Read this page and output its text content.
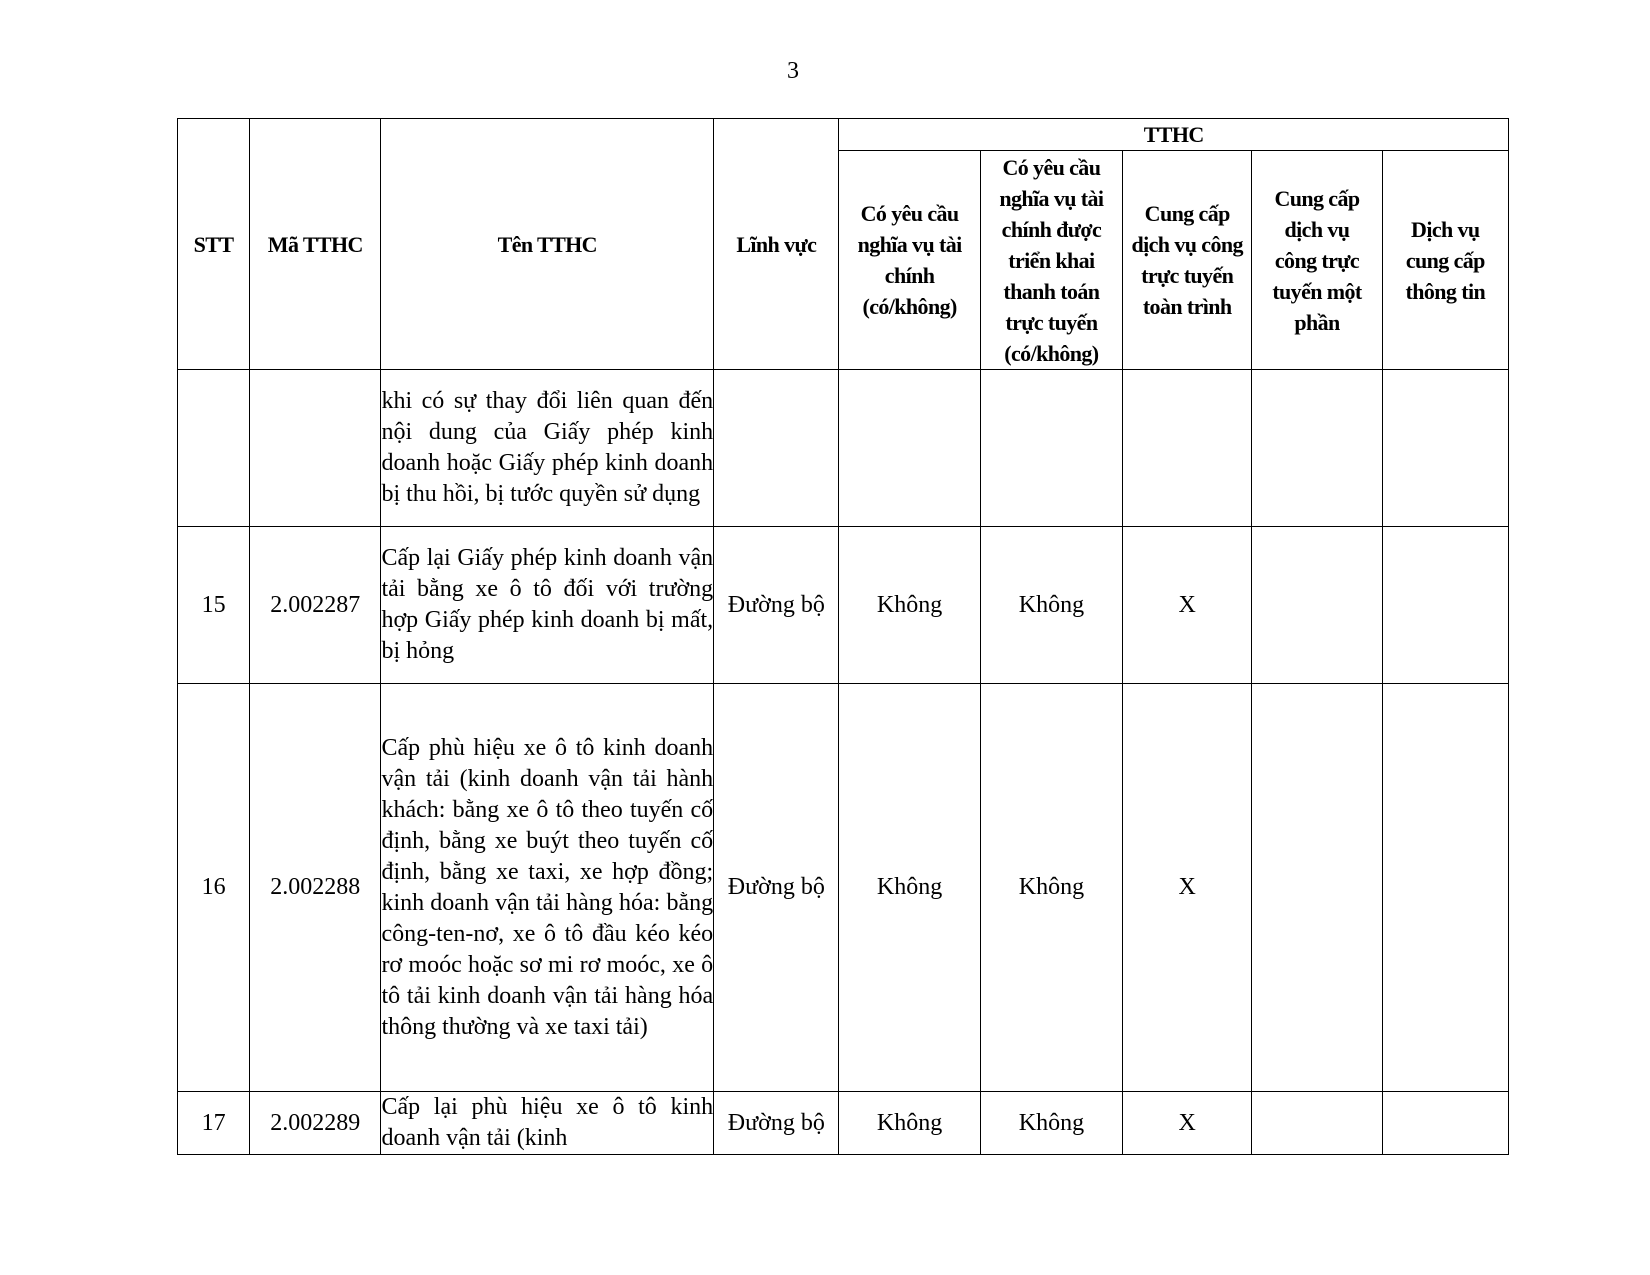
3
STT	Mã TTHC	Tên TTHC	Lĩnh vực	TTHC				
				Có yêu cầu nghĩa vụ tài chính (có/không)	Có yêu cầu nghĩa vụ tài chính được triển khai thanh toán trực tuyến (có/không)	Cung cấp dịch vụ công trực tuyến toàn trình	Cung cấp dịch vụ công trực tuyến một phần	Dịch vụ cung cấp thông tin

		khi có sự thay đổi liên quan đến nội dung của Giấy phép kinh doanh hoặc Giấy phép kinh doanh bị thu hồi, bị tước quyền sử dụng						

15	2.002287	Cấp lại Giấy phép kinh doanh vận tải bằng xe ô tô đối với trường hợp Giấy phép kinh doanh bị mất, bị hỏng	Đường bộ	Không	Không	X		
16	2.002288	Cấp phù hiệu xe ô tô kinh doanh vận tải (kinh doanh vận tải hành khách: bằng xe ô tô theo tuyến cố định, bằng xe buýt theo tuyến cố định, bằng xe taxi, xe hợp đồng; kinh doanh vận tải hàng hóa: bằng công-ten-nơ, xe ô tô đầu kéo kéo rơ moóc hoặc sơ mi rơ moóc, xe ô tô tải kinh doanh vận tải hàng hóa thông thường và xe taxi tải)	Đường bộ	Không	Không	X		
17	2.002289	Cấp lại phù hiệu xe ô tô kinh doanh vận tải (kinh	Đường bộ	Không	Không	X		
